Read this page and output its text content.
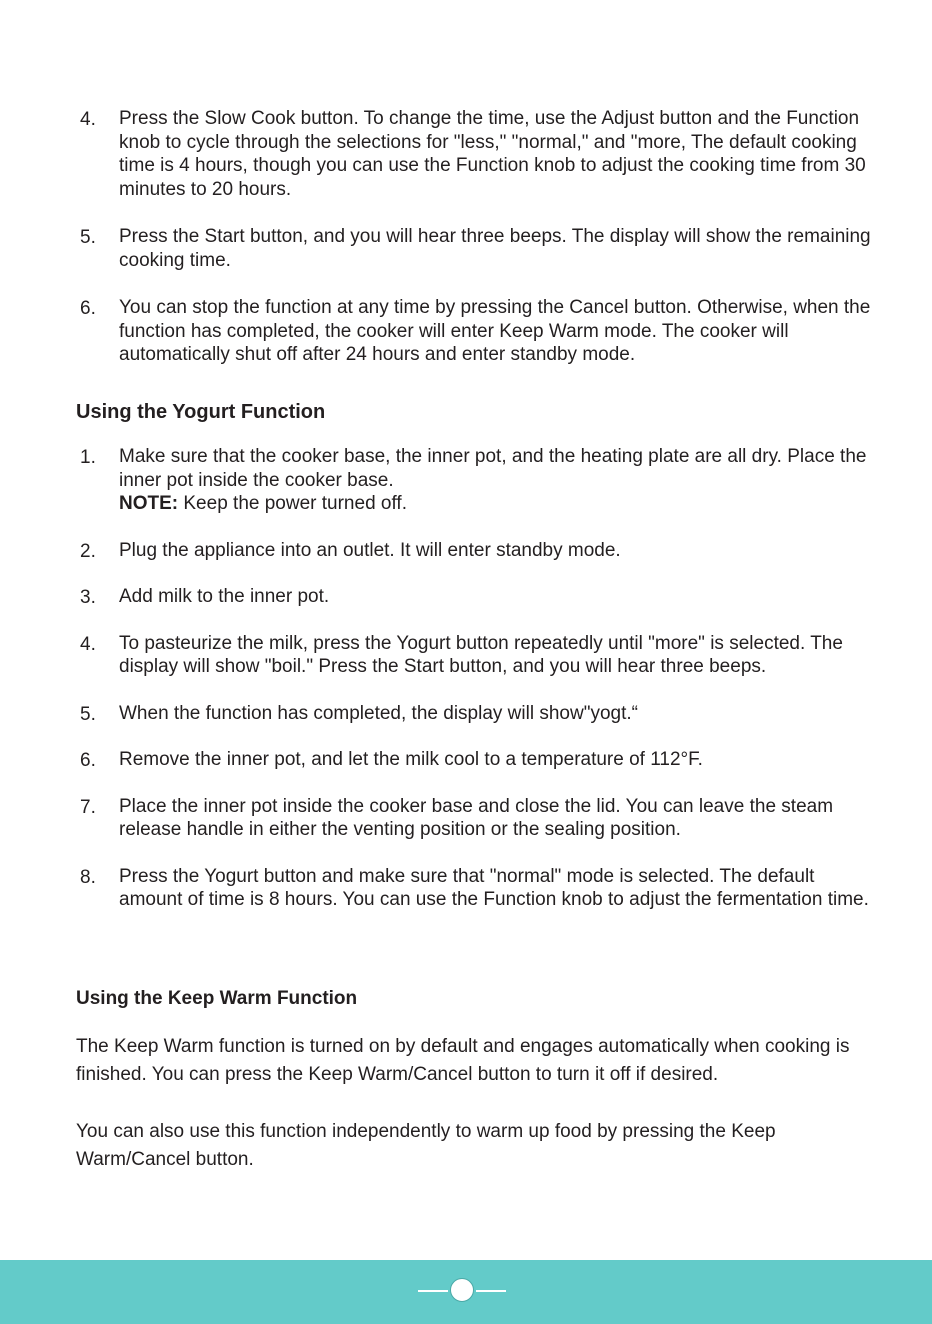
4. Press the Slow Cook button. To change the time, use the Adjust button and the Function knob to cycle through the selections for "less," "normal," and "more, The default cooking time is 4 hours, though you can use the Function knob to adjust the cooking time from 30 minutes to 20 hours.
5. Press the Start button, and you will hear three beeps. The display will show the remaining cooking time.
6. You can stop the function at any time by pressing the Cancel button. Otherwise, when the function has completed, the cooker will enter Keep Warm mode. The cooker will automatically shut off after 24 hours and enter standby mode.
Using the Yogurt Function
1. Make sure that the cooker base, the inner pot, and the heating plate are all dry. Place the inner pot inside the cooker base.
NOTE: Keep the power turned off.
2. Plug the appliance into an outlet. It will enter standby mode.
3. Add milk to the inner pot.
4. To pasteurize the milk, press the Yogurt button repeatedly until "more" is selected. The display will show "boil." Press the Start button, and you will hear three beeps.
5. When the function has completed, the display will show"yogt.“
6. Remove the inner pot, and let the milk cool to a temperature of 112°F.
7. Place the inner pot inside the cooker base and close the lid. You can leave the steam release handle in either the venting position or the sealing position.
8. Press the Yogurt button and make sure that "normal" mode is selected. The default amount of time is 8 hours. You can use the Function knob to adjust the fermentation time.
Using the Keep Warm Function

The Keep Warm function is turned on by default and engages automatically when cooking is finished. You can press the Keep Warm/Cancel button to turn it off if desired.

You can also use this function independently to warm up food by pressing the Keep Warm/Cancel button.
